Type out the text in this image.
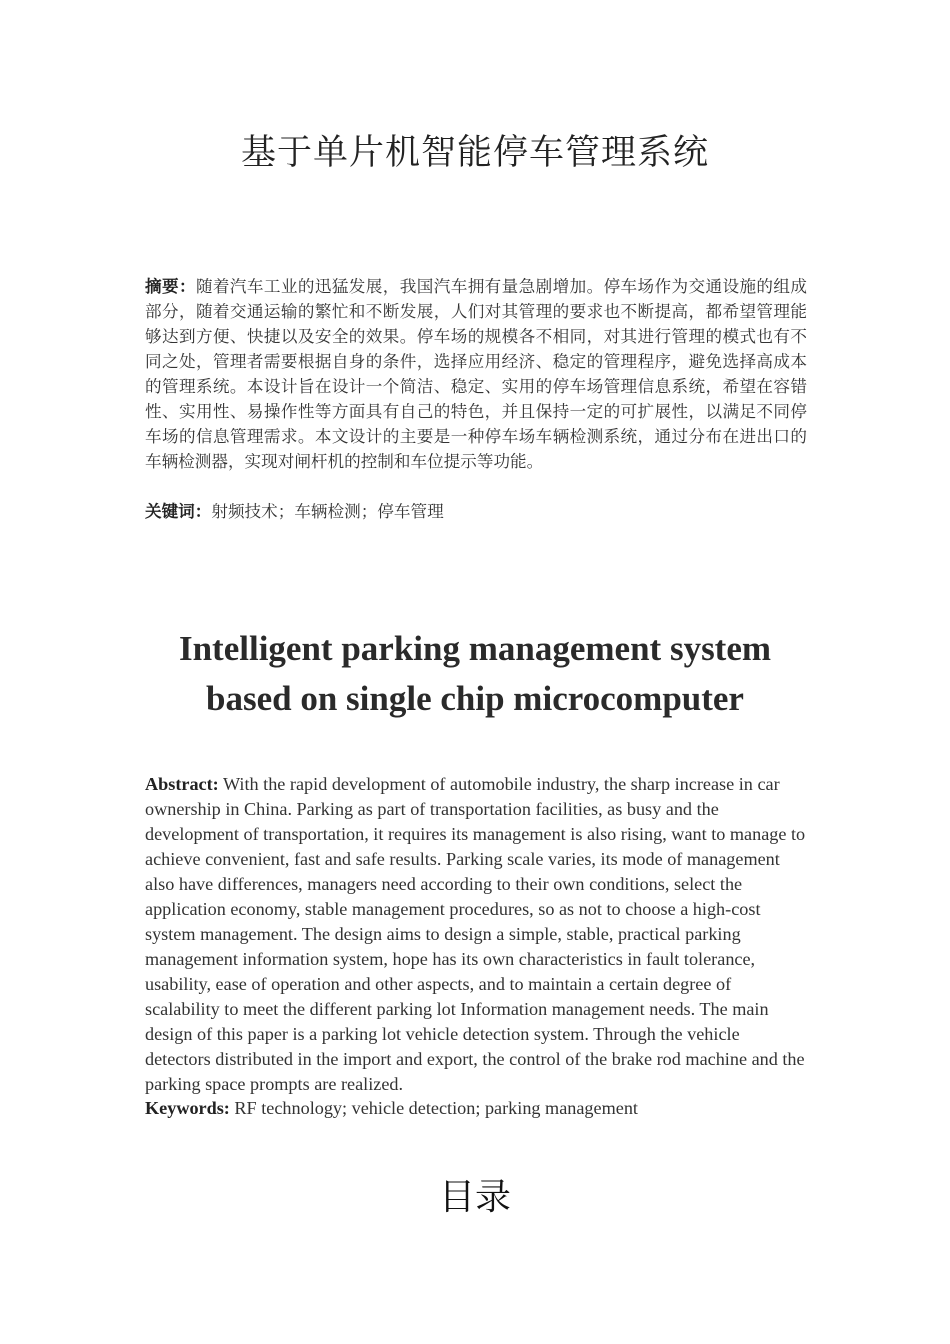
基于单片机智能停车管理系统

摘要：随着汽车工业的迅猛发展，我国汽车拥有量急剧增加。停车场作为交通设施的组成部分，随着交通运输的繁忙和不断发展，人们对其管理的要求也不断提高，都希望管理能够达到方便、快捷以及安全的效果。停车场的规模各不相同，对其进行管理的模式也有不同之处，管理者需要根据自身的条件，选择应用经济、稳定的管理程序，避免选择高成本的管理系统。本设计旨在设计一个简洁、稳定、实用的停车场管理信息系统，希望在容错性、实用性、易操作性等方面具有自己的特色，并且保持一定的可扩展性，以满足不同停车场的信息管理需求。本文设计的主要是一种停车场车辆检测系统，通过分布在进出口的车辆检测器，实现对闸杆机的控制和车位提示等功能。

关键词：射频技术；车辆检测；停车管理

Intelligent parking management system
based on single chip microcomputer

Abstract: With the rapid development of automobile industry, the sharp increase in car ownership in China. Parking as part of transportation facilities, as busy and the development of transportation, it requires its management is also rising, want to manage to achieve convenient, fast and safe results. Parking scale varies, its mode of management also have differences, managers need according to their own conditions, select the application economy, stable management procedures, so as not to choose a high-cost system management. The design aims to design a simple, stable, practical parking management information system, hope has its own characteristics in fault tolerance, usability, ease of operation and other aspects, and to maintain a certain degree of scalability to meet the different parking lot Information management needs. The main design of this paper is a parking lot vehicle detection system. Through the vehicle detectors distributed in the import and export, the control of the brake rod machine and the parking space prompts are realized.

Keywords: RF technology; vehicle detection; parking management

目录
